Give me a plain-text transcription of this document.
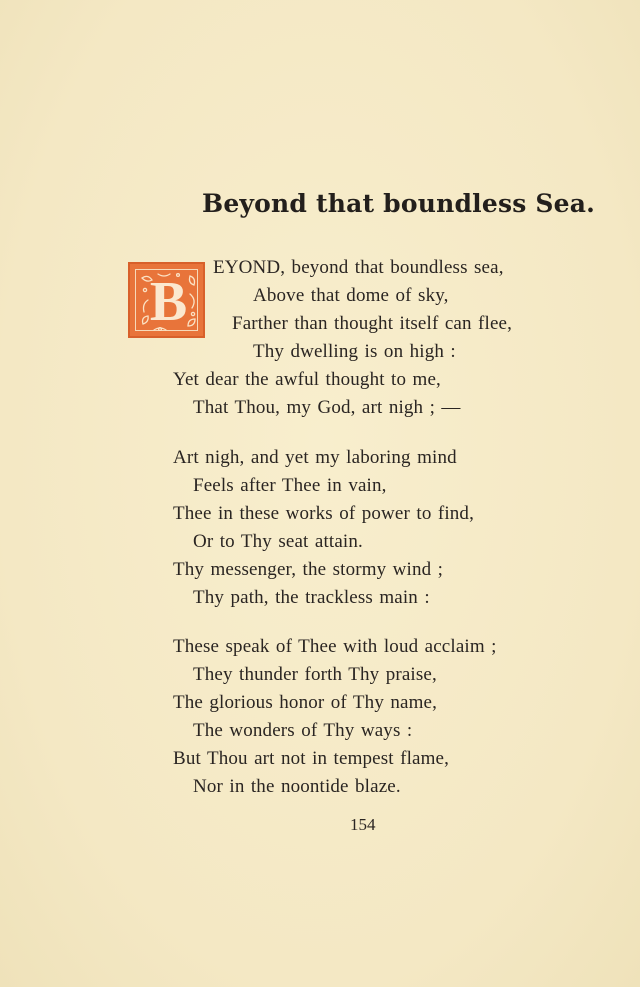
Beyond that boundless Sea.
B
EYOND, beyond that boundless sea,
Above that dome of sky,
Farther than thought itself can flee,
Thy dwelling is on high :
Yet dear the awful thought to me,
That Thou, my God, art nigh ; —
Art nigh, and yet my laboring mind
Feels after Thee in vain,
Thee in these works of power to find,
Or to Thy seat attain.
Thy messenger, the stormy wind ;
Thy path, the trackless main :
These speak of Thee with loud acclaim ;
They thunder forth Thy praise,
The glorious honor of Thy name,
The wonders of Thy ways :
But Thou art not in tempest flame,
Nor in the noontide blaze.
154
